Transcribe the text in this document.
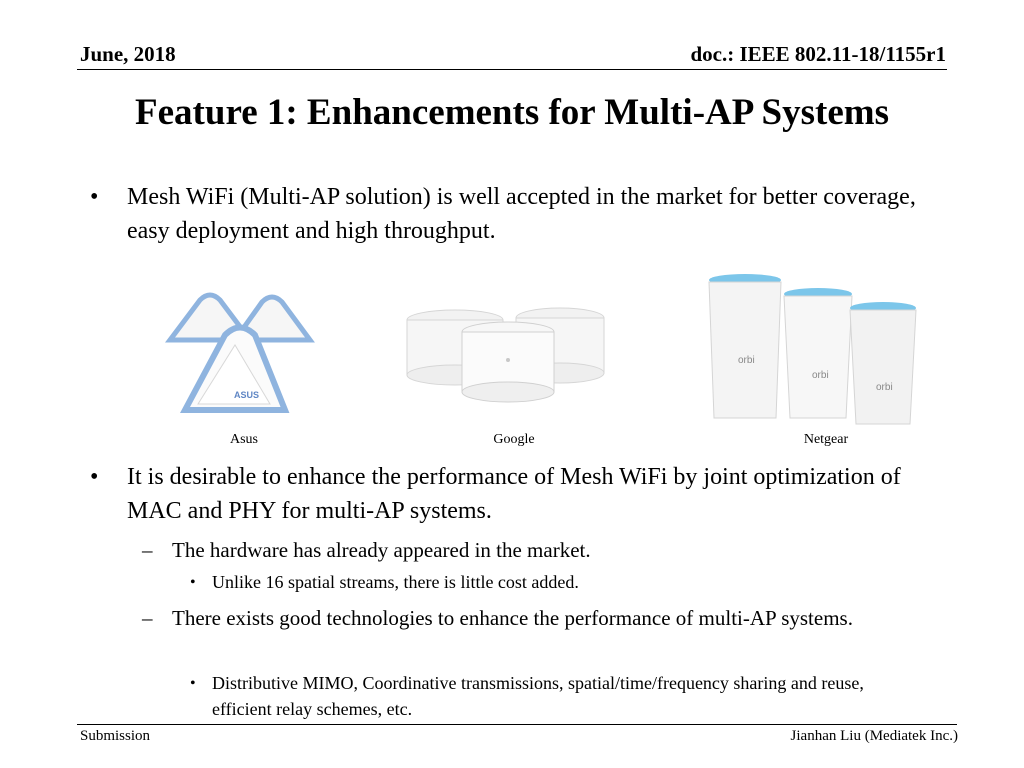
June, 2018	doc.: IEEE 802.11-18/1155r1
Feature 1: Enhancements for Multi-AP Systems
• Mesh WiFi (Multi-AP solution) is well accepted in the market for better coverage, easy deployment and high throughput.
ASUS
orbi
orbi
orbi
Asus	Google	Netgear
• It is desirable to enhance the performance of Mesh WiFi by joint optimization of MAC and PHY for multi-AP systems.
– The hardware has already appeared in the market.
• Unlike 16 spatial streams, there is little cost added.
– There exists good technologies to enhance the performance of multi-AP systems.
• Distributive MIMO, Coordinative transmissions, spatial/time/frequency sharing and reuse, efficient relay schemes, etc.
Submission	Jianhan Liu (Mediatek Inc.)
